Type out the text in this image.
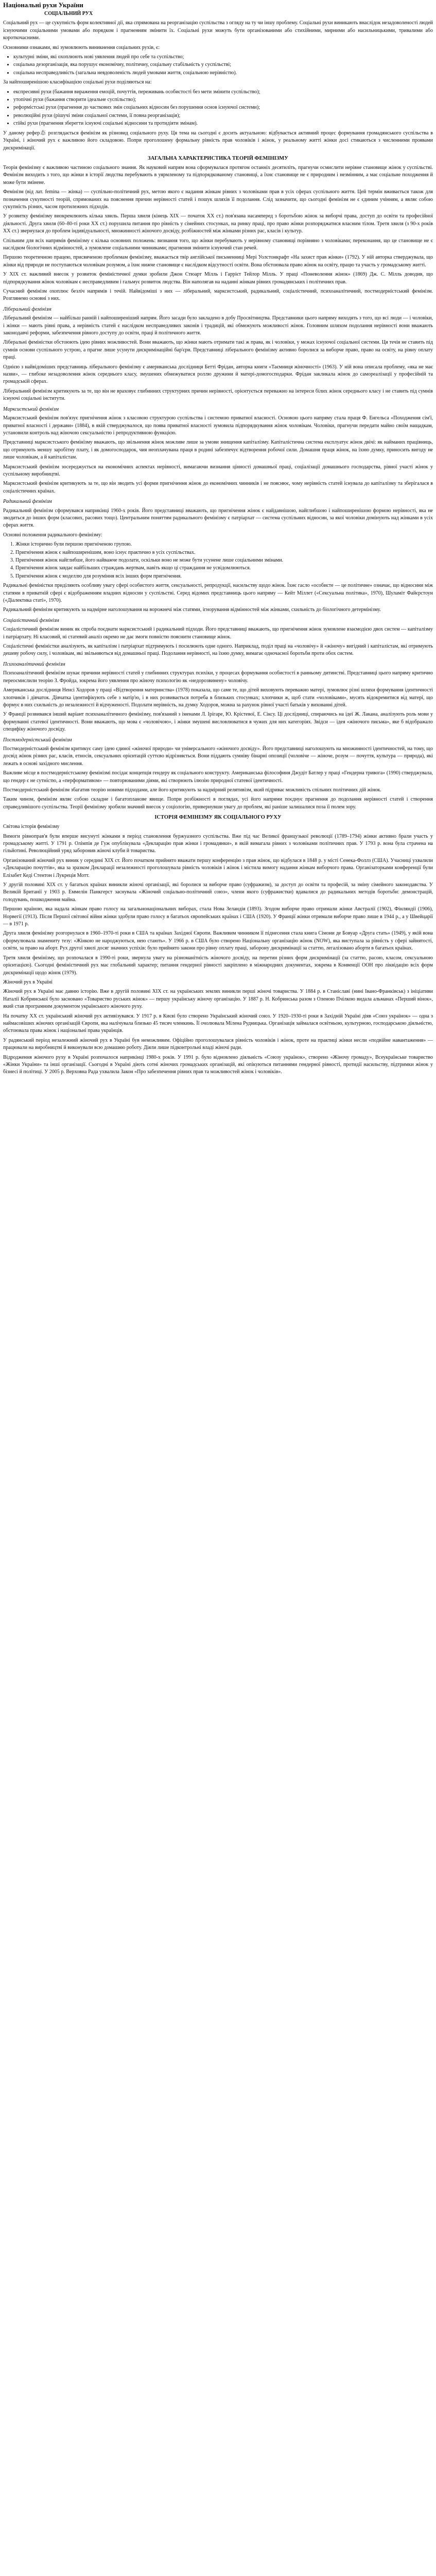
Національні рухи України
СОЦІАЛЬНИЙ РУХ

Соціальний рух — це сукупність форм колективної дії, яка спрямована на реорганізацію суспільства з огляду на ту чи іншу проблему. Соціальні рухи виникають внаслідок незадоволеності людей існуючими соціальними умовами або порядком і прагненням змінити їх. Соціальні рухи можуть бути організованими або стихійними, мирними або насильницькими, тривалими або короткочасними.

Основними ознаками, які зумовлюють виникнення соціальних рухів, є:

• культурні зміни, які охоплюють нові уявлення людей про себе та суспільство;
• соціальна дезорганізація, яка порушує економічну, політичну, соціальну стабільність у суспільстві;
• соціальна несправедливість (загальна невдоволеність людей умовами життя, соціальною нерівністю).

За найпоширенішою класифікацією соціальні рухи поділяються на:

• експресивні рухи (бажання вираження емоцій, почуттів, переживань особистості без мети змінити суспільство);
• утопічні рухи (бажання створити ідеальне суспільство);
• реформістські рухи (прагнення до часткових змін соціальних відносин без порушення основ існуючої системи);
• революційні рухи (рішучі зміни соціальної системи, її повна реорганізація);
• стійкі рухи (прагнення зберегти існуючі соціальні відносини та протидіяти змінам).

У даному рефер态 розглядається фемінізм як різновид соціального руху. Ця тема на сьогодні є досить актуальною: відбувається активний процес формування громадянського суспільства в Україні, і жіночий рух є важливою його складовою. Попри проголошену формальну рівність прав чоловіків і жінок, у реальному житті жінки досі стикаються з численними проявами дискримінації.

ЗАГАЛЬНА ХАРАКТЕРИСТИКА ТЕОРІЙ ФЕМІНІЗМУ

Теорія фемінізму є важливою частиною соціального знання. Як науковий напрям вона сформувалася протягом останніх десятиліть, прагнучи осмислити нерівне становище жінок у суспільстві. Фемінізм виходить з того, що жінки в історії людства перебувають в уярмленому та підпорядкованому становищі, а їхнє становище не є природним і незмінним, а має соціальне походження й може бути змінене.

Фемінізм (від лат. femina — жінка) — суспільно-політичний рух, метою якого є надання жінкам рівних з чоловіками прав в усіх сферах суспільного життя. Цей термін вживається також для позначення сукупності теорій, спрямованих на пояснення причин нерівності статей і пошук шляхів її подолання. Слід зазначити, що сьогодні фемінізм не є єдиним учінням, а являє собою сукупність різних, часом протилежних підходів.

У розвитку фемінізму виокремлюють кілька хвиль. Перша хвиля (кінець XIX — початок XX ст.) пов'язана насамперед з боротьбою жінок за виборчі права, доступ до освіти та професійної діяльності. Друга хвиля (60–80-ті роки XX ст.) порушила питання про рівність у сімейних стосунках, на ринку праці, про право жінки розпоряджатися власним тілом. Третя хвиля (з 90-х років XX ст.) звернулася до проблем індивідуальності, множинності жіночого досвіду, розбіжностей між жінками різних рас, класів і культур.

Спільним для всіх напрямів фемінізму є кілька основних положень: визнання того, що жінки перебувають у нерівному становищі порівняно з чоловіками; переконання, що це становище не є наслідком біологічних відмінностей, а зумовлене соціальними чинниками; прагнення змінити існуючий стан речей.

Першою теоретичною працею, присвяченою проблемам фемінізму, вважається твір англійської письменниці Мері Уолстонкрафт «На захист прав жінки» (1792). У ній авторка стверджувала, що жінки від природи не поступаються чоловікам розумом, а їхнє нижче становище є наслідком відсутності освіти. Вона обстоювала право жінок на освіту, працю та участь у громадському житті.

У XIX ст. важливий внесок у розвиток феміністичної думки зробили Джон Стюарт Мілль і Гаррієт Тейлор Мілль. У праці «Поневолення жінок» (1869) Дж. С. Мілль доводив, що підпорядкування жінок чоловікам є несправедливим і гальмує розвиток людства. Він наполягав на наданні жінкам рівних громадянських і політичних прав.

Сучасний фемінізм охоплює безліч напрямів і течій. Найвідоміші з них — ліберальний, марксистський, радикальний, соціалістичний, психоаналітичний, постмодерністський фемінізм. Розглянемо основні з них.

Ліберальний фемінізм

Ліберальний фемінізм — найбільш ранній і найпоширеніший напрям. Його засади було закладено в добу Просвітництва. Представники цього напряму виходять з того, що всі люди — і чоловіки, і жінки — мають рівні права, а нерівність статей є наслідком несправедливих законів і традицій, які обмежують можливості жінок. Головним шляхом подолання нерівності вони вважають законодавчі реформи, забезпечення рівного доступу до освіти, праці й політичного життя.

Ліберальні феміністки обстоюють ідею рівних можливостей. Вони вважають, що жінки мають отримати такі ж права, як і чоловіки, у межах існуючої соціальної системи. Ця течія не ставить під сумнів основи суспільного устрою, а прагне лише усунути дискримінаційні бар'єри. Представниці ліберального фемінізму активно боролися за виборче право, право на освіту, на рівну оплату праці.

Однією з найвідоміших представниць ліберального фемінізму є американська дослідниця Бетті Фрідан, авторка книги «Таємниця жіночності» (1963). У ній вона описала проблему, «яка не має назви», — глибоке незадоволення жінок середнього класу, змушених обмежуватися роллю дружини й матері-домогосподарки. Фрідан закликала жінок до самореалізації у професійній та громадській сферах.

Ліберальний фемінізм критикують за те, що він не враховує глибинних структурних причин нерівності, орієнтується переважно на інтереси білих жінок середнього класу і не ставить під сумнів існуючі соціальні інститути.

Марксистський фемінізм

Марксистський фемінізм пов'язує пригнічення жінок з класовою структурою суспільства і системою приватної власності. Основою цього напряму стала праця Ф. Енгельса «Походження сім'ї, приватної власності і держави» (1884), в якій стверджувалося, що поява приватної власності зумовила підпорядкування жінок чоловікам. Чоловіки, прагнучи передати майно своїм нащадкам, установили контроль над жіночою сексуальністю і репродуктивною функцією.

Представниці марксистського фемінізму вважають, що звільнення жінок можливе лише за умови знищення капіталізму. Капіталістична система експлуатує жінок двічі: як найманих працівниць, що отримують меншу заробітну плату, і як домогосподарок, чия неоплачувана праця в родині забезпечує відтворення робочої сили. Домашня праця жінок, на їхню думку, приносить вигоду не лише чоловікам, а й капіталістам.

Марксистський фемінізм зосереджується на економічних аспектах нерівності, вимагаючи визнання цінності домашньої праці, соціалізації домашнього господарства, рівної участі жінок у суспільному виробництві.

Марксистський фемінізм критикують за те, що він зводить усі форми пригнічення жінок до економічних чинників і не пояснює, чому нерівність статей існувала до капіталізму та зберігалася в соціалістичних країнах.

Радикальний фемінізм

Радикальний фемінізм сформувався наприкінці 1960-х років. Його представниці вважають, що пригнічення жінок є найдавнішою, найглибшою і найпоширенішою формою нерівності, яка не зводиться до інших форм (класових, расових тощо). Центральним поняттям радикального фемінізму є патріархат — система суспільних відносин, за якої чоловіки домінують над жінками в усіх сферах життя.

Основні положення радикального фемінізму:

1. Жінки історично були першою пригніченою групою.
2. Пригнічення жінок є найпоширенішим, воно існує практично в усіх суспільствах.
3. Пригнічення жінок найглибше, його найважче подолати, оскільки воно не може бути усунене лише соціальними змінами.
4. Пригнічення жінок завдає найбільших страждань жертвам, навіть якщо ці страждання не усвідомлюються.
5. Пригнічення жінок є моделлю для розуміння всіх інших форм пригнічення.

Радикальні феміністки приділяють особливу увагу сфері особистого життя, сексуальності, репродукції, насильству щодо жінок. Їхнє гасло «особисте — це політичне» означає, що відносини між статями в приватній сфері є відображенням владних відносин у суспільстві. Серед відомих представниць цього напряму — Кейт Міллет («Сексуальна політика», 1970), Шуламіт Файєрстоун («Діалектика статі», 1970).

Радикальний фемінізм критикують за надмірне наголошування на ворожнечі між статями, ігнорування відмінностей між жінками, схильність до біологічного детермінізму.

Соціалістичний фемінізм

Соціалістичний фемінізм виник як спроба поєднати марксистський і радикальний підходи. Його представниці вважають, що пригнічення жінок зумовлене взаємодією двох систем — капіталізму і патріархату. Ні класовий, ні статевий аналіз окремо не дає змоги повністю пояснити становище жінок.

Соціалістичні феміністки аналізують, як капіталізм і патріархат підтримують і посилюють одне одного. Наприклад, поділ праці на «чоловічу» й «жіночу» вигідний і капіталістам, які отримують дешеву робочу силу, і чоловікам, які звільняються від домашньої праці. Подолання нерівності, на їхню думку, вимагає одночасної боротьби проти обох систем.

Психоаналітичний фемінізм

Психоаналітичний фемінізм шукає причини нерівності статей у глибинних структурах психіки, у процесах формування особистості в ранньому дитинстві. Представниці цього напряму критично переосмислили теорію З. Фройда, зокрема його уявлення про жіночу психологію як «недорозвинену» чоловічу.

Американська дослідниця Ненсі Ходоров у праці «Відтворення материнства» (1978) показала, що саме те, що дітей виховують переважно матері, зумовлює різні шляхи формування ідентичності хлопчиків і дівчаток. Дівчатка ідентифікують себе з матір'ю, і в них розвивається потреба в близьких стосунках; хлопчики ж, щоб стати «чоловіками», мусять відокремитися від матері, що формує в них схильність до незалежності й відчуженості. Подолати нерівність, на думку Ходоров, можна за рахунок рівної участі батьків у вихованні дітей.

У Франції розвивався інший варіант психоаналітичного фемінізму, пов'язаний з іменами Л. Ірігаре, Ю. Крістевої, Е. Сіксу. Ці дослідниці, спираючись на ідеї Ж. Лакана, аналізують роль мови у формуванні статевої ідентичності. Вони вважають, що мова є «чоловічою», і жінки змушені висловлюватися в чужих для них категоріях. Звідси — ідея «жіночого письма», яке б відображало специфіку жіночого досвіду.

Постмодерністський фемінізм

Постмодерністський фемінізм критикує саму ідею єдиної «жіночої природи» чи універсального «жіночого досвіду». Його представниці наголошують на множинності ідентичностей, на тому, що досвід жінок різних рас, класів, етносів, сексуальних орієнтацій суттєво відрізняється. Вони піддають сумніву бінарні опозиції (чоловіче — жіноче, розум — почуття, культура — природа), які лежать в основі західного мислення.

Важливе місце в постмодерністському фемінізмі посідає концепція гендеру як соціального конструкту. Американська філософиня Джудіт Батлер у праці «Гендерна тривога» (1990) стверджувала, що гендер є не сутністю, а «перформативом» — повторюваними діями, які створюють ілюзію природної статевої ідентичності.

Постмодерністський фемінізм збагатив теорію новими підходами, але його критикують за надмірний релятивізм, який підриває можливість спільних політичних дій жінок.

Таким чином, фемінізм являє собою складне і багатопланове явище. Попри розбіжності в поглядах, усі його напрями поєднує прагнення до подолання нерівності статей і створення справедливішого суспільства. Теорії фемінізму зробили значний внесок у соціологію, привернувши увагу до проблем, які раніше залишалися поза її полем зору.

ІСТОРІЯ ФЕМІНІЗМУ ЯК СОЦІАЛЬНОГО РУХУ

Світова історія фемінізму

Вимоги рівноправ'я були вперше висунуті жінками в період становлення буржуазного суспільства. Вже під час Великої французької революції (1789–1794) жінки активно брали участь у громадському житті. У 1791 р. Олімпія де Гуж опублікувала «Декларацію прав жінки і громадянки», в якій вимагала рівних з чоловіками політичних прав. У 1793 р. вона була страчена на гільйотині. Революційний уряд заборонив жіночі клуби й товариства.

Організований жіночий рух виник у середині XIX ст. Його початком прийнято вважати першу конференцію з прав жінок, що відбулася в 1848 р. у місті Сенека-Фоллз (США). Учасниці ухвалили «Декларацію почуттів», яка за зразком Декларації незалежності проголошувала рівність чоловіків і жінок і містила вимогу надання жінкам виборчого права. Організаторками конференції були Елізабет Кеді Стентон і Лукреція Мотт.

У другій половині XIX ст. у багатьох країнах виникли жіночі організації, які боролися за виборче право (суфражизм), за доступ до освіти та професій, за зміну сімейного законодавства. У Великій Британії у 1903 р. Еммелін Панкгерст заснувала «Жіночий соціально-політичний союз», члени якого (суфражистки) вдавалися до радикальних методів боротьби: демонстрацій, голодувань, пошкодження майна.

Першою країною, яка надала жінкам право голосу на загальнонаціональних виборах, стала Нова Зеландія (1893). Згодом виборче право отримали жінки Австралії (1902), Фінляндії (1906), Норвегії (1913). Після Першої світової війни жінки здобули право голосу в багатьох європейських країнах і США (1920). У Франції жінки отримали виборче право лише в 1944 р., а у Швейцарії — в 1971 р.

Друга хвиля фемінізму розгорнулася в 1960–1970-ті роки в США та країнах Західної Європи. Важливим чинником її піднесення стала книга Сімони де Бовуар «Друга стать» (1949), у якій вона сформулювала знамениту тезу: «Жінкою не народжуються, нею стають». У 1966 р. в США було створено Національну організацію жінок (NOW), яка виступала за рівність у сфері зайнятості, освіти, за право на аборт. Рух другої хвилі досяг значних успіхів: було прийнято закони про рівну оплату праці, заборону дискримінації за статтю, легалізовано аборти в багатьох країнах.

Третя хвиля фемінізму, що розпочалася в 1990-ті роки, звернула увагу на різноманітність жіночого досвіду, на перетин різних форм дискримінації (за статтю, расою, класом, сексуальною орієнтацією). Сьогодні феміністичний рух має глобальний характер; питання гендерної рівності закріплено в міжнародних документах, зокрема в Конвенції ООН про ліквідацію всіх форм дискримінації щодо жінок (1979).

Жіночий рух в Україні

Жіночий рух в Україні має давню історію. Вже в другій половині XIX ст. на українських землях виникли перші жіночі товариства. У 1884 р. в Станіславі (нині Івано-Франківськ) з ініціативи Наталії Кобринської було засновано «Товариство руських жінок» — першу українську жіночу організацію. У 1887 р. Н. Кобринська разом з Оленою Пчілкою видала альманах «Перший вінок», який став програмним документом українського жіночого руху.

На початку XX ст. український жіночий рух активізувався. У 1917 р. в Києві було створено Український жіночий союз. У 1920–1930-ті роки в Західній Україні діяв «Союз українок» — одна з наймасовіших жіночих організацій Європи, яка налічувала близько 45 тисяч членкинь. Її очолювала Мілена Рудницька. Організація займалася освітньою, культурною, господарською діяльністю, обстоювала права жінок і національні права українців.

У радянський період незалежний жіночий рух в Україні був неможливим. Офіційно проголошувалася рівність чоловіків і жінок, проте на практиці жінки несли «подвійне навантаження» — працювали на виробництві й виконували всю домашню роботу. Діяли лише підконтрольні владі жіночі ради.

Відродження жіночого руху в Україні розпочалося наприкінці 1980-х років. У 1991 р. було відновлено діяльність «Союзу українок», створено «Жіночу громаду», Всеукраїнське товариство «Жінки України» та інші організації. Сьогодні в Україні діють сотні жіночих громадських організацій, які опікуються питаннями гендерної рівності, протидії насильству, підтримки жінок у бізнесі й політиці. У 2005 р. Верховна Рада ухвалила Закон «Про забезпечення рівних прав та можливостей жінок і чоловіків».
